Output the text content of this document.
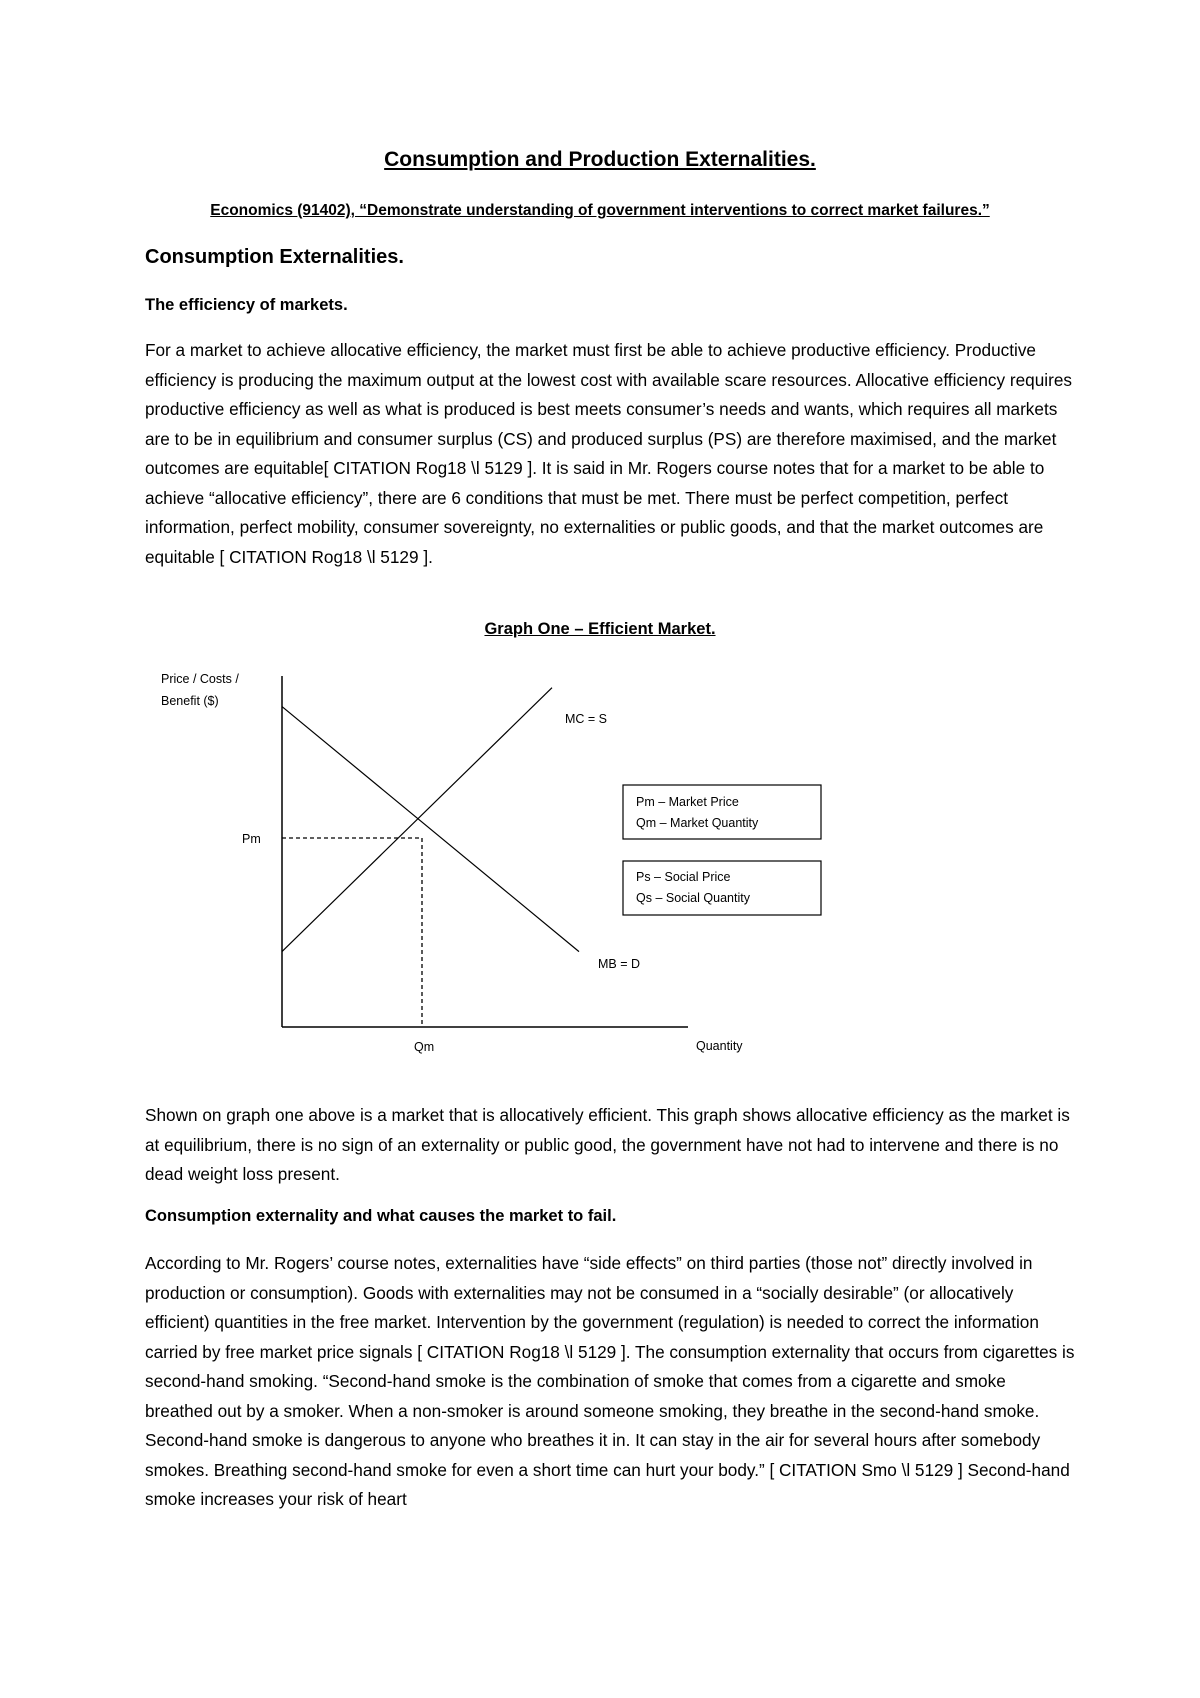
Consumption and Production Externalities.
Economics (91402), “Demonstrate understanding of government interventions to correct market failures.”
Consumption Externalities.
The efficiency of markets.

For a market to achieve allocative efficiency, the market must first be able to achieve productive efficiency. Productive efficiency is producing the maximum output at the lowest cost with available scare resources. Allocative efficiency requires productive efficiency as well as what is produced is best meets consumer’s needs and wants, which requires all markets are to be in equilibrium and consumer surplus (CS) and produced surplus (PS) are therefore maximised, and the market outcomes are equitable[ CITATION Rog18 \l 5129 ]. It is said in Mr. Rogers course notes that for a market to be able to achieve “allocative efficiency”, there are 6 conditions that must be met. There must be perfect competition, perfect information, perfect mobility, consumer sovereignty, no externalities or public goods, and that the market outcomes are equitable [ CITATION Rog18 \l 5129 ].

Graph One – Efficient Market.
Price / Costs /
Benefit ($)
Quantity
Pm
Qm
MC = S
MB = D
Pm – Market Price
Qm – Market Quantity
Ps – Social Price
Qs – Social Quantity

Shown on graph one above is a market that is allocatively efficient. This graph shows allocative efficiency as the market is at equilibrium, there is no sign of an externality or public good, the government have not had to intervene and there is no dead weight loss present.

Consumption externality and what causes the market to fail.

According to Mr. Rogers’ course notes, externalities have “side effects” on third parties (those not” directly involved in production or consumption). Goods with externalities may not be consumed in a “socially desirable” (or allocatively efficient) quantities in the free market. Intervention by the government (regulation) is needed to correct the information carried by free market price signals [ CITATION Rog18 \l 5129 ]. The consumption externality that occurs from cigarettes is second-hand smoking. “Second-hand smoke is the combination of smoke that comes from a cigarette and smoke breathed out by a smoker. When a non-smoker is around someone smoking, they breathe in the second-hand smoke. Second-hand smoke is dangerous to anyone who breathes it in. It can stay in the air for several hours after somebody smokes. Breathing second-hand smoke for even a short time can hurt your body.” [ CITATION Smo \l 5129 ] Second-hand smoke increases your risk of heart
